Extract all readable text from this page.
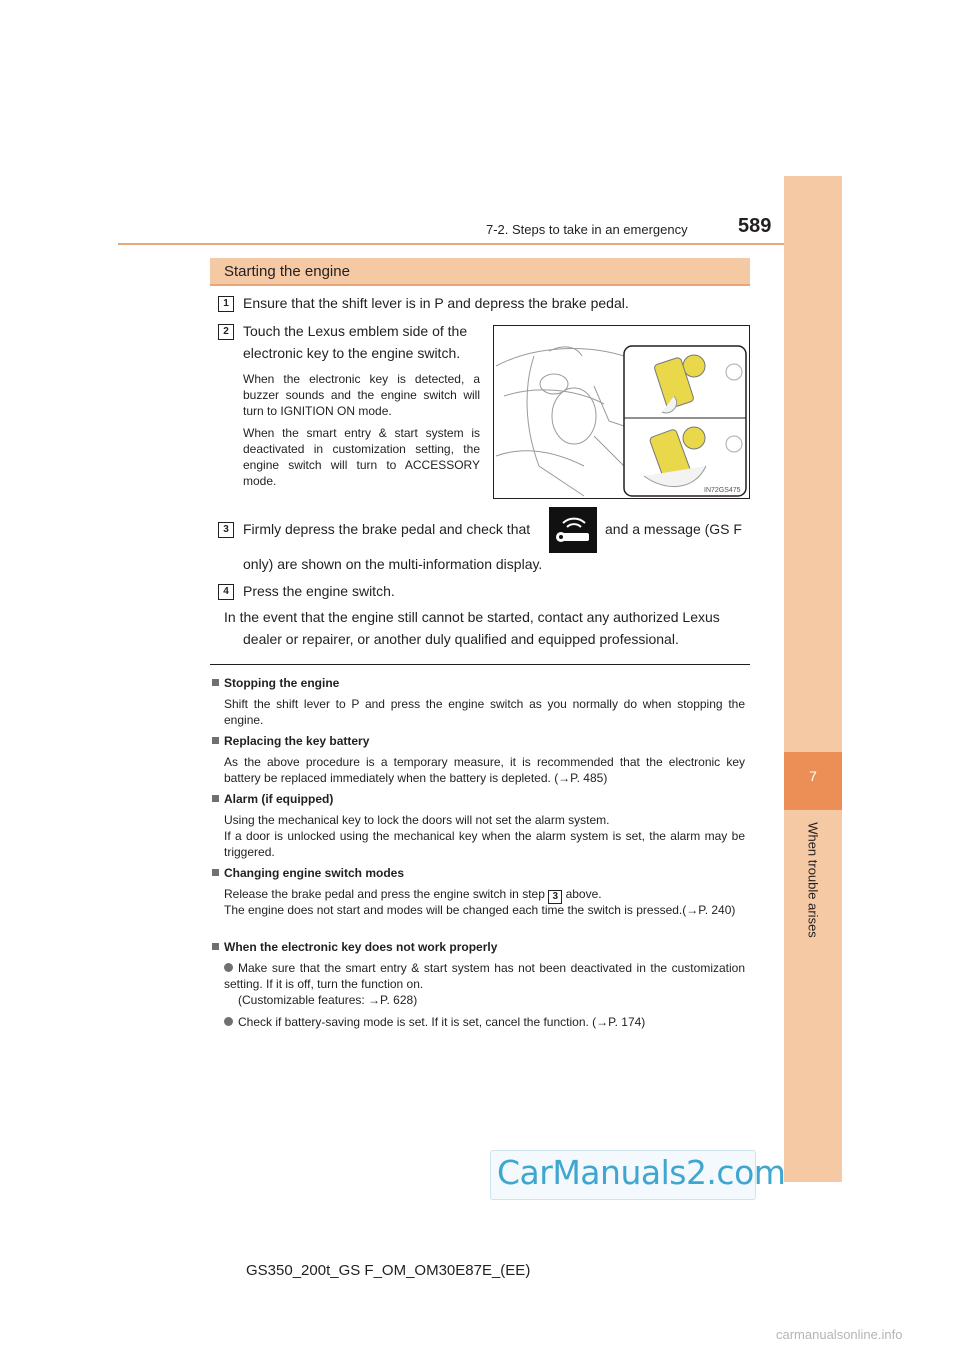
7-2. Steps to take in an emergency	589
7
When trouble arises
Starting the engine
1	Ensure that the shift lever is in P and depress the brake pedal.
2	Touch the Lexus emblem side of the
electronic key to the engine switch.
When the electronic key is detected, a buzzer sounds and the engine switch will turn to IGNITION ON mode.
When the smart entry & start system is deactivated in customization setting, the engine switch will turn to ACCESSORY mode.
IN72GS475
3	Firmly depress the brake pedal and check that	and a message (GS F
only) are shown on the multi-information display.
4	Press the engine switch.
In the event that the engine still cannot be started, contact any authorized Lexus
dealer or repairer, or another duly qualified and equipped professional.
Stopping the engine
Shift the shift lever to P and press the engine switch as you normally do when stopping the engine.
Replacing the key battery
As the above procedure is a temporary measure, it is recommended that the electronic key battery be replaced immediately when the battery is depleted. (→P. 485)
Alarm (if equipped)
Using the mechanical key to lock the doors will not set the alarm system.
If a door is unlocked using the mechanical key when the alarm system is set, the alarm may be triggered.
Changing engine switch modes
Release the brake pedal and press the engine switch in step 3 above.
The engine does not start and modes will be changed each time the switch is pressed.(→P. 240)
When the electronic key does not work properly
Make sure that the smart entry & start system has not been deactivated in the customization setting. If it is off, turn the function on.
(Customizable features: →P. 628)
Check if battery-saving mode is set. If it is set, cancel the function. (→P. 174)
CarManuals2.com
GS350_200t_GS F_OM_OM30E87E_(EE)
carmanualsonline.info
